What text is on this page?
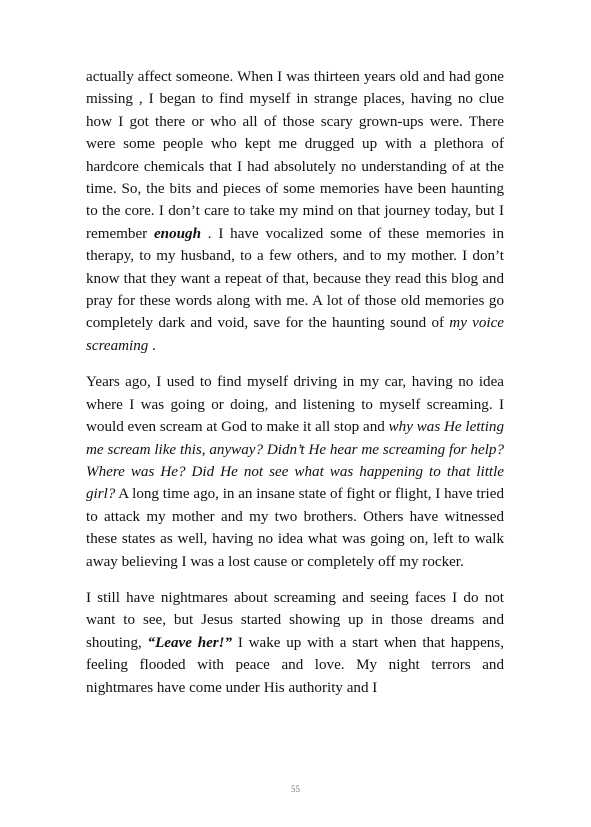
actually affect someone. When I was thirteen years old and had gone missing , I began to find myself in strange places, having no clue how I got there or who all of those scary grown-ups were. There were some people who kept me drugged up with a plethora of hardcore chemicals that I had absolutely no understanding of at the time. So, the bits and pieces of some memories have been haunting to the core. I don’t care to take my mind on that journey today, but I remember enough . I have vocalized some of these memories in therapy, to my husband, to a few others, and to my mother. I don’t know that they want a repeat of that, because they read this blog and pray for these words along with me. A lot of those old memories go completely dark and void, save for the haunting sound of my voice screaming .

Years ago, I used to find myself driving in my car, having no idea where I was going or doing, and listening to myself screaming. I would even scream at God to make it all stop and why was He letting me scream like this, anyway? Didn’t He hear me screaming for help? Where was He? Did He not see what was happening to that little girl? A long time ago, in an insane state of fight or flight, I have tried to attack my mother and my two brothers. Others have witnessed these states as well, having no idea what was going on, left to walk away believing I was a lost cause or completely off my rocker.

I still have nightmares about screaming and seeing faces I do not want to see, but Jesus started showing up in those dreams and shouting, “Leave her!” I wake up with a start when that happens, feeling flooded with peace and love. My night terrors and nightmares have come under His authority and I

55
